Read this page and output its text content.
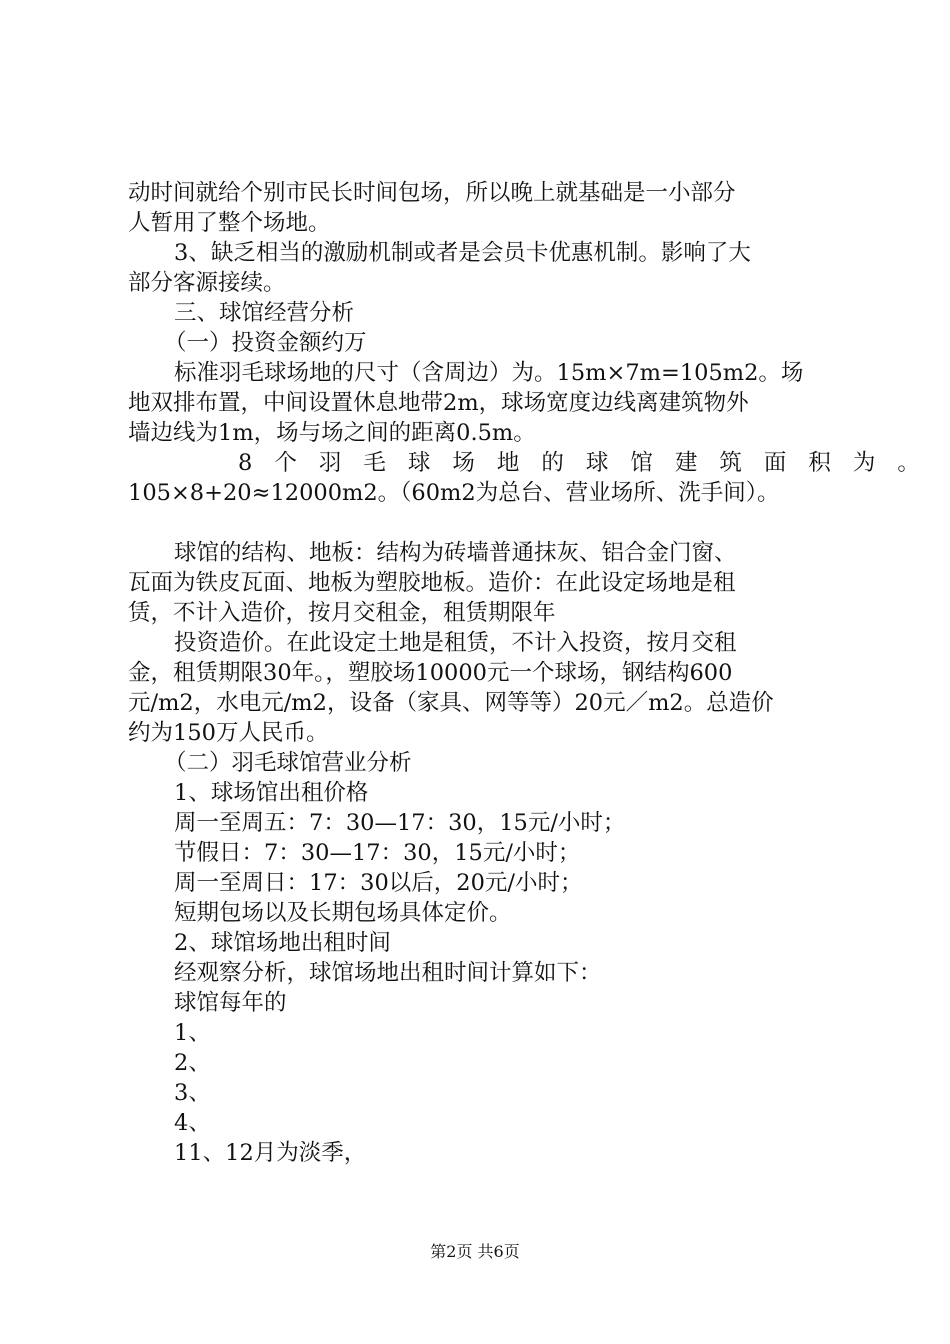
动时间就给个别市民长时间包场，所以晚上就基础是一小部分
人暂用了整个场地。
3、缺乏相当的激励机制或者是会员卡优惠机制。影响了大
部分客源接续。
三、球馆经营分析
（一）投资金额约万
标准羽毛球场地的尺寸（含周边）为。15m×7m=105m2。场
地双排布置，中间设置休息地带2m，球场宽度边线离建筑物外
墙边线为1m，场与场之间的距离0.5m。
8个羽毛球场地的球馆建筑面积为。
105×8+20≈12000m2。（60m2为总台、营业场所、洗手间）。
球馆的结构、地板：结构为砖墙普通抹灰、铝合金门窗、
瓦面为铁皮瓦面、地板为塑胶地板。造价：在此设定场地是租
赁，不计入造价，按月交租金，租赁期限年
投资造价。在此设定土地是租赁，不计入投资，按月交租
金，租赁期限30年。，塑胶场10000元一个球场，钢结构600
元/m2，水电元/m2，设备（家具、网等等）20元／m2。总造价
约为150万人民币。
（二）羽毛球馆营业分析
1、球场馆出租价格
周一至周五：7：30—17：30，15元/小时；
节假日：7：30—17：30，15元/小时；
周一至周日：17：30以后，20元/小时；
短期包场以及长期包场具体定价。
2、球馆场地出租时间
经观察分析，球馆场地出租时间计算如下：
球馆每年的
1、
2、
3、
4、
11、12月为淡季，
第2页 共6页
